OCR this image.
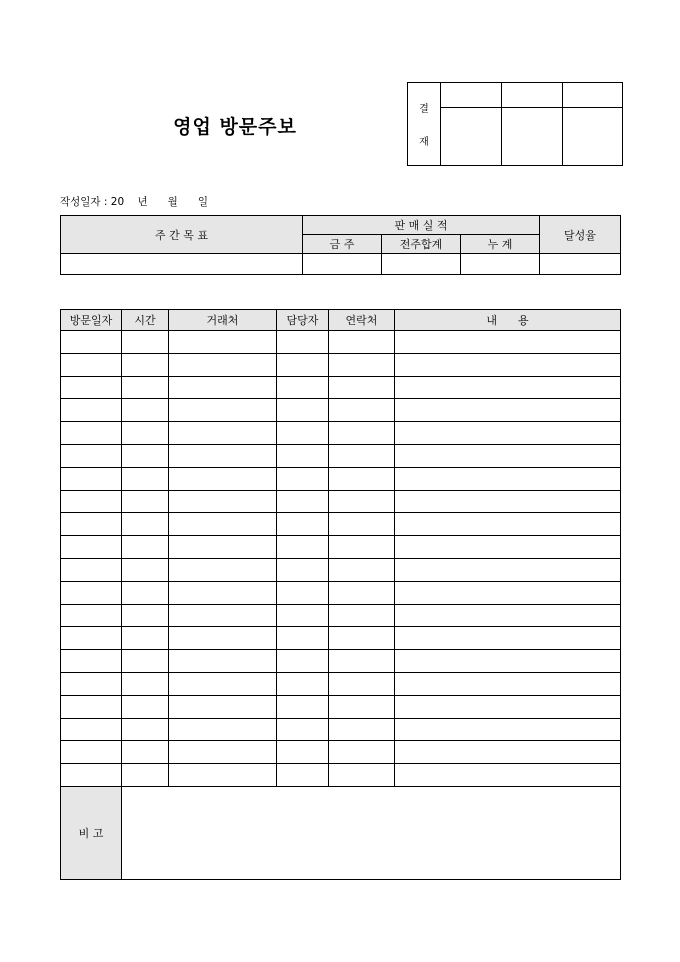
영업 방문주보
결
재			

작성일자 : 20    년      월      일
주 간 목 표	판 매 실 적			달성율
	금 주	전주합계	누 계	

방문일자	시간	거래처	담당자	연락처	내      용

비 고					
